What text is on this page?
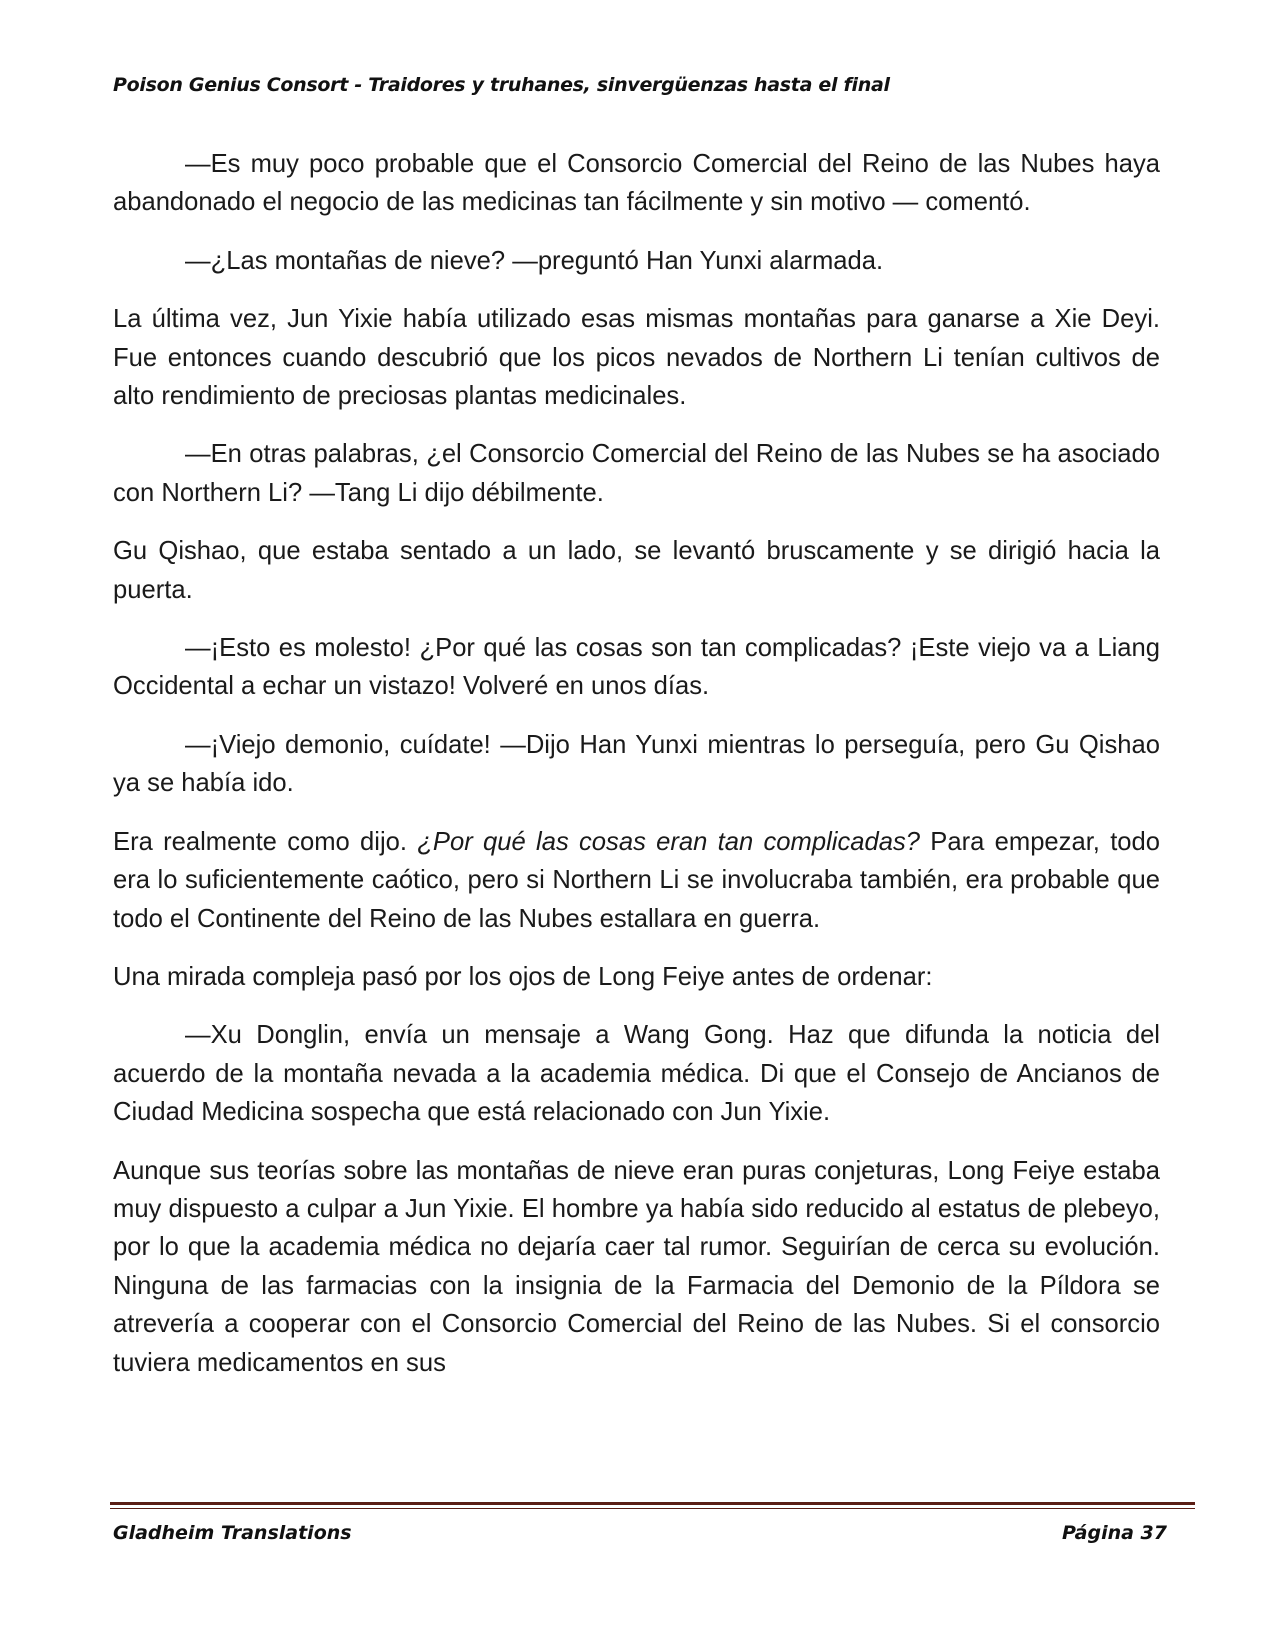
Poison Genius Consort - Traidores y truhanes, sinvergüenzas hasta el final

—Es muy poco probable que el Consorcio Comercial del Reino de las Nubes haya abandonado el negocio de las medicinas tan fácilmente y sin motivo — comentó.

—¿Las montañas de nieve? —preguntó Han Yunxi alarmada.

La última vez, Jun Yixie había utilizado esas mismas montañas para ganarse a Xie Deyi. Fue entonces cuando descubrió que los picos nevados de Northern Li tenían cultivos de alto rendimiento de preciosas plantas medicinales.

—En otras palabras, ¿el Consorcio Comercial del Reino de las Nubes se ha asociado con Northern Li? —Tang Li dijo débilmente.

Gu Qishao, que estaba sentado a un lado, se levantó bruscamente y se dirigió hacia la puerta.

—¡Esto es molesto! ¿Por qué las cosas son tan complicadas? ¡Este viejo va a Liang Occidental a echar un vistazo! Volveré en unos días.

—¡Viejo demonio, cuídate! —Dijo Han Yunxi mientras lo perseguía, pero Gu Qishao ya se había ido.

Era realmente como dijo. ¿Por qué las cosas eran tan complicadas? Para empezar, todo era lo suficientemente caótico, pero si Northern Li se involucraba también, era probable que todo el Continente del Reino de las Nubes estallara en guerra.

Una mirada compleja pasó por los ojos de Long Feiye antes de ordenar:

—Xu Donglin, envía un mensaje a Wang Gong. Haz que difunda la noticia del acuerdo de la montaña nevada a la academia médica. Di que el Consejo de Ancianos de Ciudad Medicina sospecha que está relacionado con Jun Yixie.

Aunque sus teorías sobre las montañas de nieve eran puras conjeturas, Long Feiye estaba muy dispuesto a culpar a Jun Yixie. El hombre ya había sido reducido al estatus de plebeyo, por lo que la academia médica no dejaría caer tal rumor. Seguirían de cerca su evolución. Ninguna de las farmacias con la insignia de la Farmacia del Demonio de la Píldora se atrevería a cooperar con el Consorcio Comercial del Reino de las Nubes. Si el consorcio tuviera medicamentos en sus

Gladheim Translations	Página 37
